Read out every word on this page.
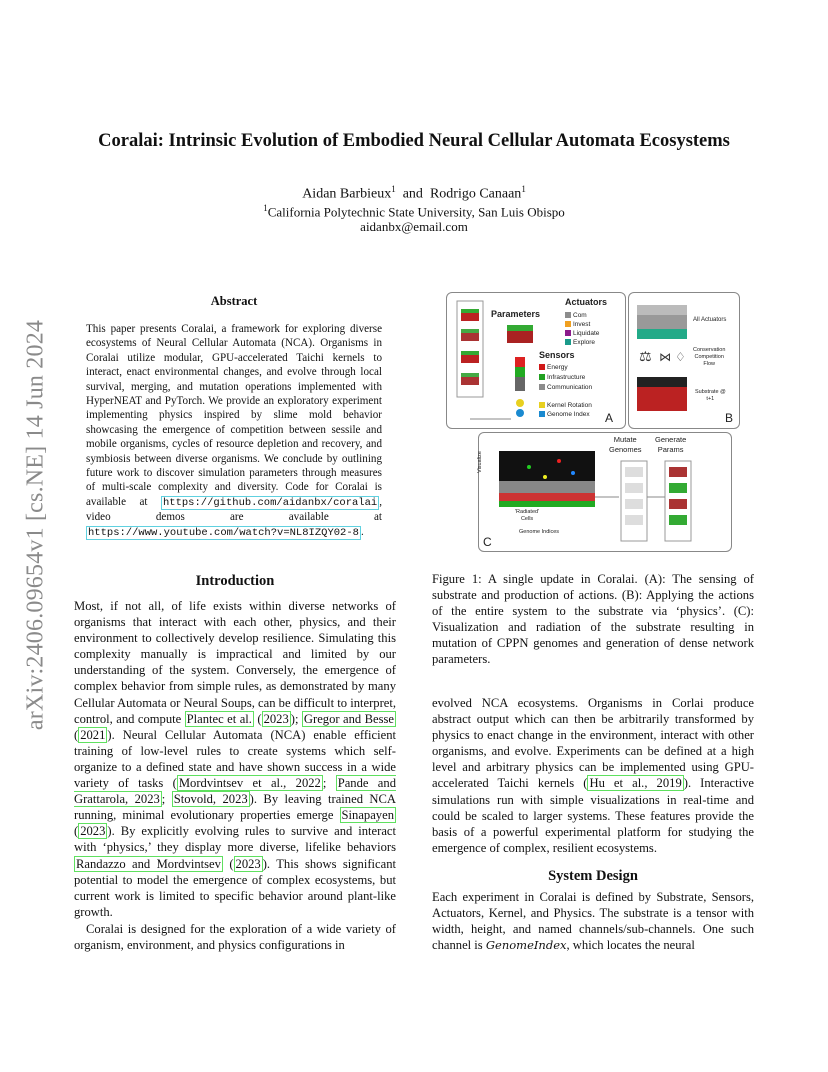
arXiv:2406.09654v1 [cs.NE] 14 Jun 2024
Coralai: Intrinsic Evolution of Embodied Neural Cellular Automata Ecosystems
Aidan Barbieux$^1$ and Rodrigo Canaan$^1$
$^1$California Polytechnic State University, San Luis Obispo
aidanbx@email.com
Abstract
This paper presents Coralai, a framework for exploring diverse ecosystems of Neural Cellular Automata (NCA). Organisms in Coralai utilize modular, GPU-accelerated Taichi kernels to interact, enact environmental changes, and evolve through local survival, merging, and mutation operations implemented with HyperNEAT and PyTorch. We provide an exploratory experiment implementing physics inspired by slime mold behavior showcasing the emergence of competition between sessile and mobile organisms, cycles of resource depletion and recovery, and symbiosis between diverse organisms. We conclude by outlining future work to discover simulation parameters through measures of multi-scale complexity and diversity. Code for Coralai is available at https://github.com/aidanbx/coralai , video demos are available at https://www.youtube.com/watch?v=NL8IZQY02-8 .
Introduction
Most, if not all, of life exists within diverse networks of organisms that interact with each other, physics, and their environment to collectively develop resilience. Simulating this complexity manually is impractical and limited by our understanding of the system. Conversely, the emergence of complex behavior from simple rules, as demonstrated by many Cellular Automata or Neural Soups, can be difficult to interpret, control, and compute Plantec et al. ( 2023 ); Gregor and Besse ( 2021 ). Neural Cellular Automata (NCA) enable efficient training of low-level rules to create systems which self-organize to a defined state and have shown success in a wide variety of tasks ( Mordvintsev et al., 2022 ; Pande and Grattarola, 2023 ; Stovold, 2023 ). By leaving trained NCA running, minimal evolutionary properties emerge Sinapayen ( 2023 ). By explicitly evolving rules to survive and interact with ‘physics,’ they display more diverse, lifelike behaviors Randazzo and Mordvintsev ( 2023 ). This shows significant potential to model the emergence of complex ecosystems, but current work is limited to specific behavior around plant-like growth.
Coralai is designed for the exploration of a wide variety of organism, environment, and physics configurations in
Parameters
Actuators
Com
Invest
Liquidate
Explore
Sensors
Energy
Infrastructure
Communication
Kernel Rotation
Genome Index A
All Actuators
Conservation
Competition
Flow
Substrate @
t+1
B
⚖ ⋈ ♢
Mutate
Genomes
Generate
Params
Visualize
'Radiated'
Cells
Genome Indices
C
Figure 1: A single update in Coralai. (A): The sensing of substrate and production of actions. (B): Applying the actions of the entire system to the substrate via ‘physics’. (C): Visualization and radiation of the substrate resulting in mutation of CPPN genomes and generation of dense network parameters.
evolved NCA ecosystems. Organisms in Corlai produce abstract output which can then be arbitrarily transformed by physics to enact change in the environment, interact with other organisms, and evolve. Experiments can be defined at a high level and arbitrary physics can be implemented using GPU-accelerated Taichi kernels ( Hu et al., 2019 ). Interactive simulations run with simple visualizations in real-time and could be scaled to larger systems. These features provide the basis of a powerful experimental platform for studying the emergence of complex, resilient ecosystems.
System Design
Each experiment in Coralai is defined by Substrate, Sensors, Actuators, Kernel, and Physics. The substrate is a tensor with width, height, and named channels/sub-channels. One such channel is GenomeIndex, which locates the neural
